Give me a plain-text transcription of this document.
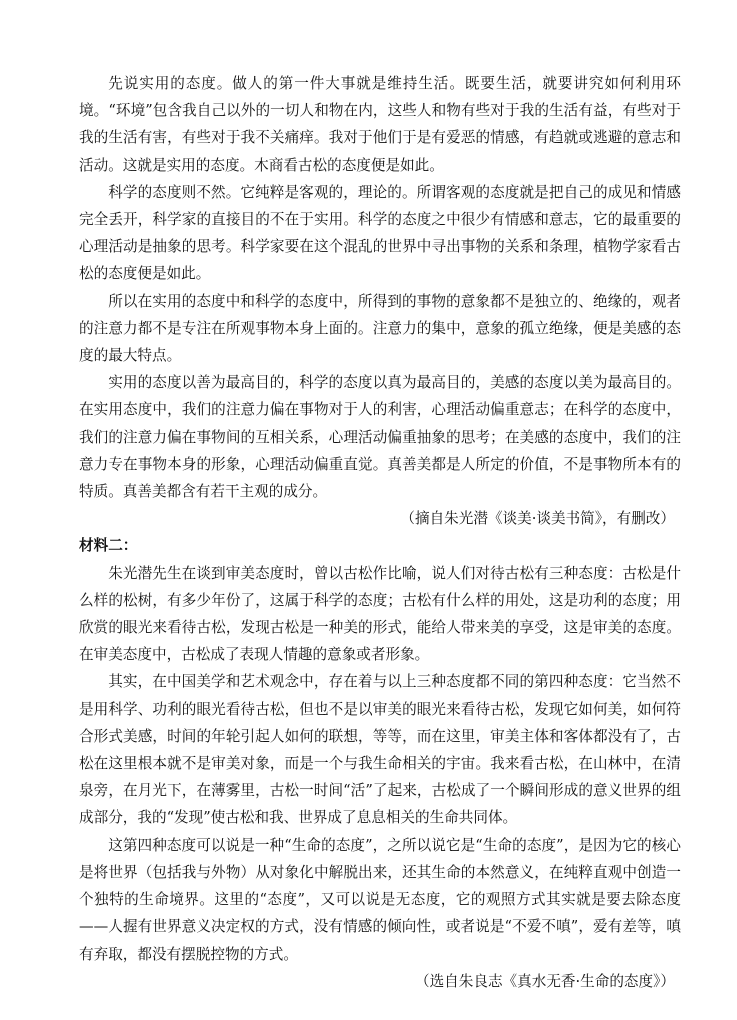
先说实用的态度。做人的第一件大事就是维持生活。既要生活，就要讲究如何利用环境。“环境”包含我自己以外的一切人和物在内，这些人和物有些对于我的生活有益，有些对于我的生活有害，有些对于我不关痛痒。我对于他们于是有爱恶的情感，有趋就或逃避的意志和活动。这就是实用的态度。木商看古松的态度便是如此。

科学的态度则不然。它纯粹是客观的，理论的。所谓客观的态度就是把自己的成见和情感完全丢开，科学家的直接目的不在于实用。科学的态度之中很少有情感和意志，它的最重要的心理活动是抽象的思考。科学家要在这个混乱的世界中寻出事物的关系和条理，植物学家看古松的态度便是如此。

所以在实用的态度中和科学的态度中，所得到的事物的意象都不是独立的、绝缘的，观者的注意力都不是专注在所观事物本身上面的。注意力的集中，意象的孤立绝缘，便是美感的态度的最大特点。

实用的态度以善为最高目的，科学的态度以真为最高目的，美感的态度以美为最高目的。在实用态度中，我们的注意力偏在事物对于人的利害，心理活动偏重意志；在科学的态度中，我们的注意力偏在事物间的互相关系，心理活动偏重抽象的思考；在美感的态度中，我们的注意力专在事物本身的形象，心理活动偏重直觉。真善美都是人所定的价值，不是事物所本有的特质。真善美都含有若干主观的成分。

（摘自朱光潜《谈美·谈美书简》，有删改）

材料二：

朱光潜先生在谈到审美态度时，曾以古松作比喻，说人们对待古松有三种态度：古松是什么样的松树，有多少年份了，这属于科学的态度；古松有什么样的用处，这是功利的态度；用欣赏的眼光来看待古松，发现古松是一种美的形式，能给人带来美的享受，这是审美的态度。在审美态度中，古松成了表现人情趣的意象或者形象。

其实，在中国美学和艺术观念中，存在着与以上三种态度都不同的第四种态度：它当然不是用科学、功利的眼光看待古松，但也不是以审美的眼光来看待古松，发现它如何美，如何符合形式美感，时间的年轮引起人如何的联想，等等，而在这里，审美主体和客体都没有了，古松在这里根本就不是审美对象，而是一个与我生命相关的宇宙。我来看古松，在山林中，在清泉旁，在月光下，在薄雾里，古松一时间“活”了起来，古松成了一个瞬间形成的意义世界的组成部分，我的“发现”使古松和我、世界成了息息相关的生命共同体。

这第四种态度可以说是一种“生命的态度”，之所以说它是“生命的态度”，是因为它的核心是将世界（包括我与外物）从对象化中解脱出来，还其生命的本然意义，在纯粹直观中创造一个独特的生命境界。这里的“态度”，又可以说是无态度，它的观照方式其实就是要去除态度——人握有世界意义决定权的方式，没有情感的倾向性，或者说是“不爱不嗔”，爱有差等，嗔有弃取，都没有摆脱控物的方式。

（选自朱良志《真水无香·生命的态度》）
